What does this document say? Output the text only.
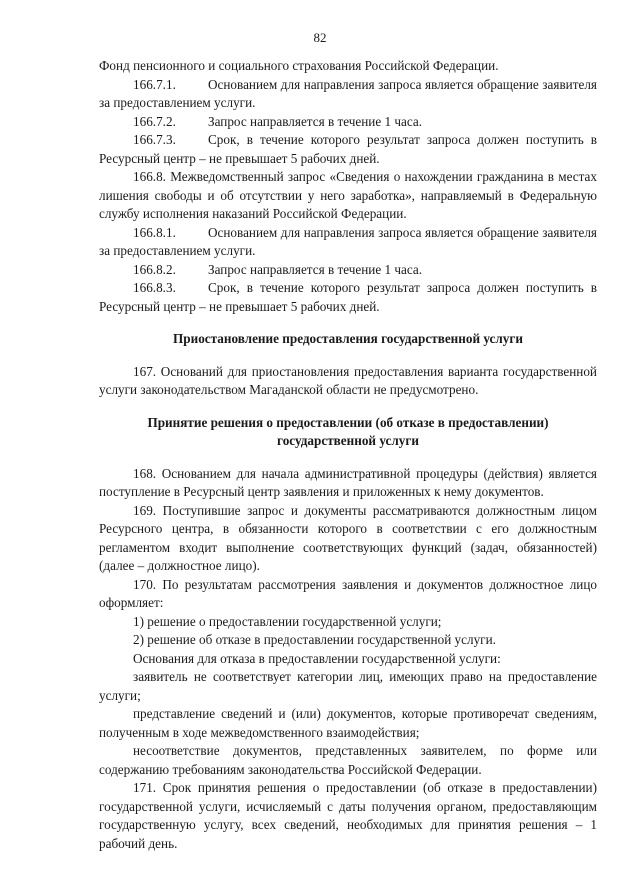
82

Фонд пенсионного и социального страхования Российской Федерации.

166.7.1. Основанием для направления запроса является обращение заявителя за предоставлением услуги.

166.7.2. Запрос направляется в течение 1 часа.

166.7.3. Срок, в течение которого результат запроса должен поступить в Ресурсный центр – не превышает 5 рабочих дней.

166.8. Межведомственный запрос «Сведения о нахождении гражданина в местах лишения свободы и об отсутствии у него заработка», направляемый в Федеральную службу исполнения наказаний Российской Федерации.

166.8.1. Основанием для направления запроса является обращение заявителя за предоставлением услуги.

166.8.2. Запрос направляется в течение 1 часа.

166.8.3. Срок, в течение которого результат запроса должен поступить в Ресурсный центр – не превышает 5 рабочих дней.

Приостановление предоставления государственной услуги

167. Оснований для приостановления предоставления варианта государственной услуги законодательством Магаданской области не предусмотрено.

Принятие решения о предоставлении (об отказе в предоставлении) государственной услуги

168. Основанием для начала административной процедуры (действия) является поступление в Ресурсный центр заявления и приложенных к нему документов.

169. Поступившие запрос и документы рассматриваются должностным лицом Ресурсного центра, в обязанности которого в соответствии с его должностным регламентом входит выполнение соответствующих функций (задач, обязанностей) (далее – должностное лицо).

170. По результатам рассмотрения заявления и документов должностное лицо оформляет:

1) решение о предоставлении государственной услуги;

2) решение об отказе в предоставлении государственной услуги.

Основания для отказа в предоставлении государственной услуги:

заявитель не соответствует категории лиц, имеющих право на предоставление услуги;

представление сведений и (или) документов, которые противоречат сведениям, полученным в ходе межведомственного взаимодействия;

несоответствие документов, представленных заявителем, по форме или содержанию требованиям законодательства Российской Федерации.

171. Срок принятия решения о предоставлении (об отказе в предоставлении) государственной услуги, исчисляемый с даты получения органом, предоставляющим государственную услугу, всех сведений, необходимых для принятия решения – 1 рабочий день.
